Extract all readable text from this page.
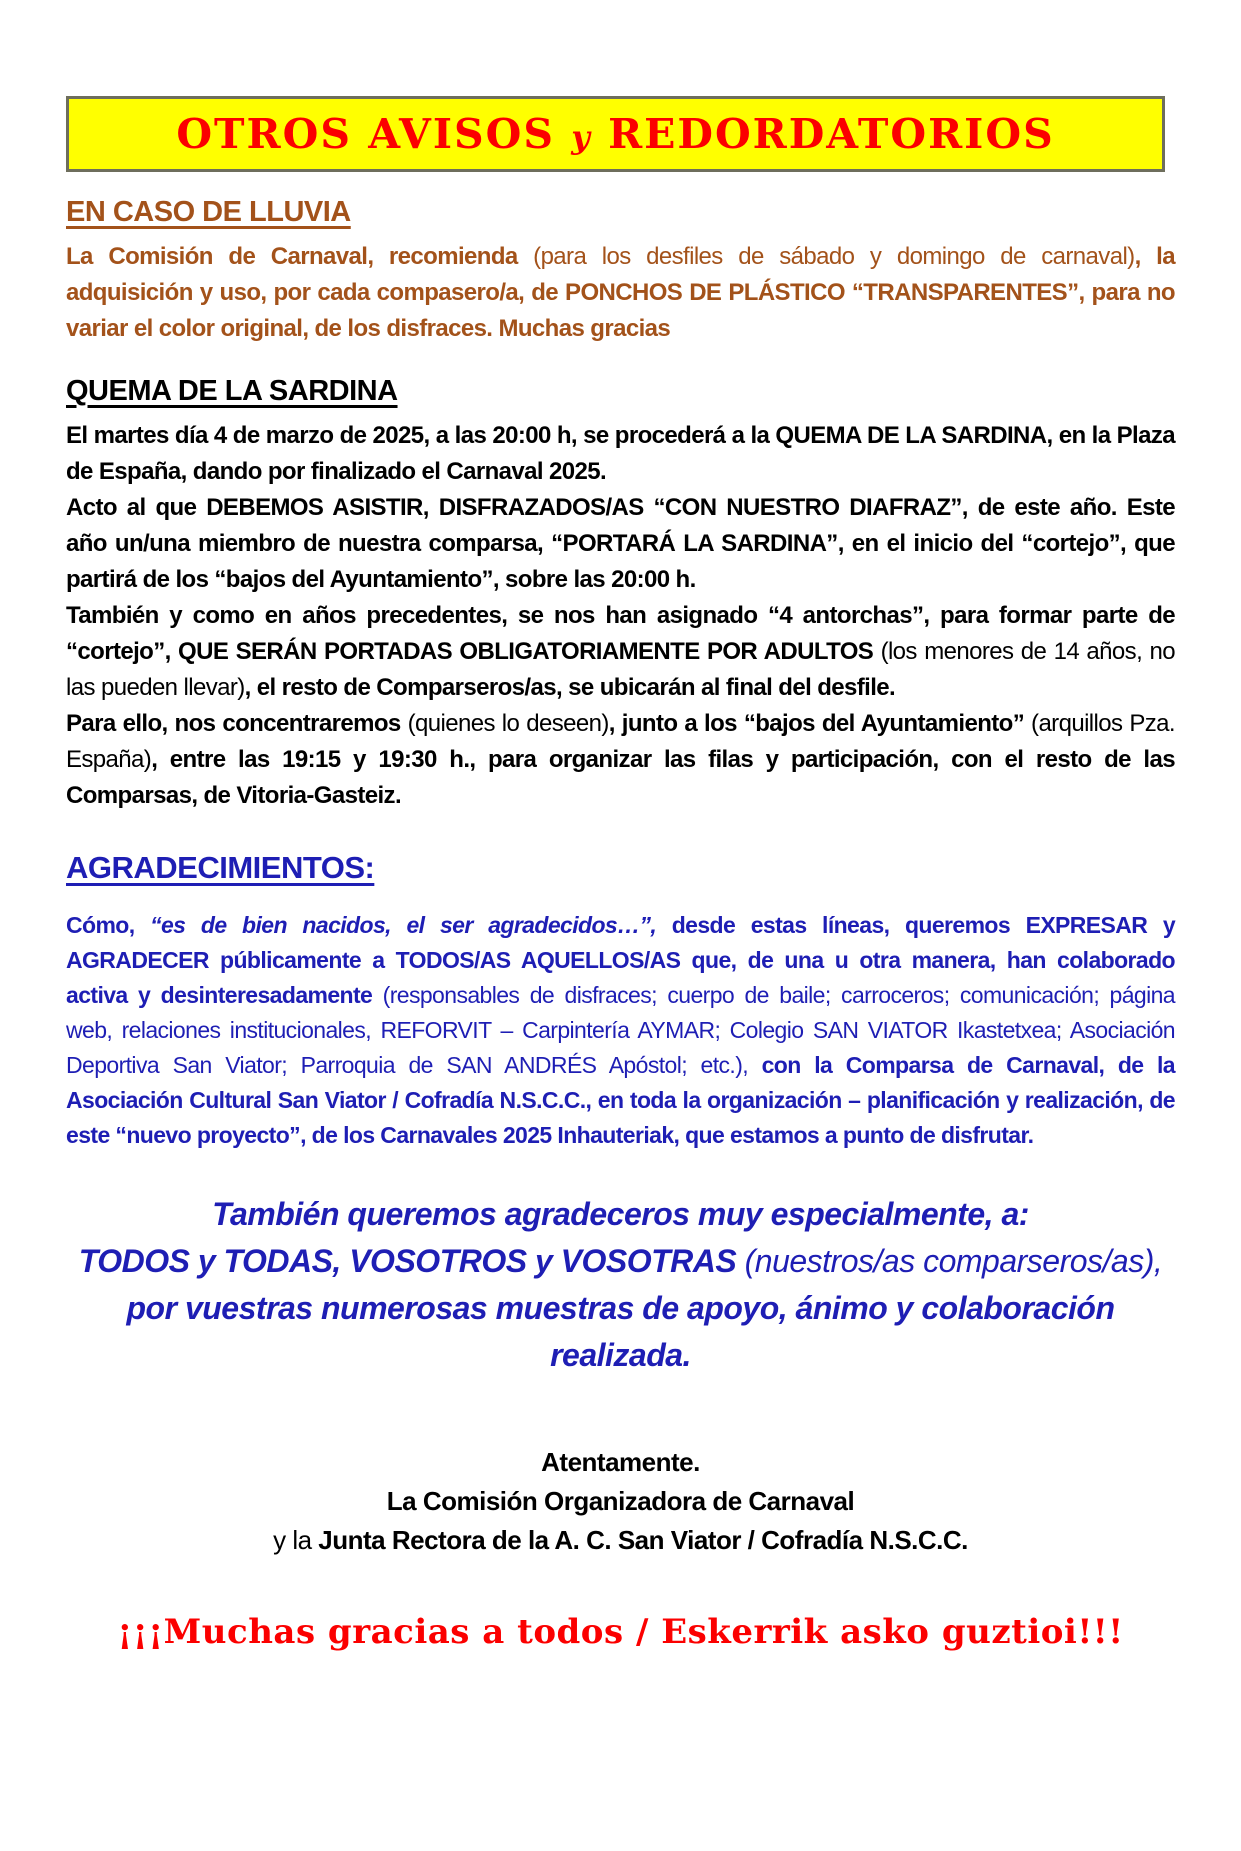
OTROS AVISOS y REDORDATORIOS
EN CASO DE LLUVIA
La Comisión de Carnaval, recomienda (para los desfiles de sábado y domingo de carnaval), la adquisición y uso, por cada compasero/a, de PONCHOS DE PLÁSTICO “TRANSPARENTES”, para no variar el color original, de los disfraces. Muchas gracias
QUEMA DE LA SARDINA
El martes día 4 de marzo de 2025, a las 20:00 h, se procederá a la QUEMA DE LA SARDINA, en la Plaza de España, dando por finalizado el Carnaval 2025.
Acto al que DEBEMOS ASISTIR, DISFRAZADOS/AS “CON NUESTRO DIAFRAZ”, de este año. Este año un/una miembro de nuestra comparsa, “PORTARÁ LA SARDINA”, en el inicio del “cortejo”, que partirá de los “bajos del Ayuntamiento”, sobre las 20:00 h.
También y como en años precedentes, se nos han asignado “4 antorchas”, para formar parte de “cortejo”, QUE SERÁN PORTADAS OBLIGATORIAMENTE POR ADULTOS (los menores de 14 años, no las pueden llevar), el resto de Comparseros/as, se ubicarán al final del desfile.
Para ello, nos concentraremos (quienes lo deseen), junto a los “bajos del Ayuntamiento” (arquillos Pza. España), entre las 19:15 y 19:30 h., para organizar las filas y participación, con el resto de las Comparsas, de Vitoria-Gasteiz.
AGRADECIMIENTOS:
Cómo, “es de bien nacidos, el ser agradecidos…”, desde estas líneas, queremos EXPRESAR y AGRADECER públicamente a TODOS/AS AQUELLOS/AS que, de una u otra manera, han colaborado activa y desinteresadamente (responsables de disfraces; cuerpo de baile; carroceros; comunicación; página web, relaciones institucionales, REFORVIT – Carpintería AYMAR; Colegio SAN VIATOR Ikastetxea; Asociación Deportiva San Viator; Parroquia de SAN ANDRÉS Apóstol; etc.), con la Comparsa de Carnaval, de la Asociación Cultural San Viator / Cofradía N.S.C.C., en toda la organización – planificación y realización, de este “nuevo proyecto”, de los Carnavales 2025 Inhauteriak, que estamos a punto de disfrutar.
También queremos agradeceros muy especialmente, a:
TODOS y TODAS, VOSOTROS y VOSOTRAS (nuestros/as comparseros/as),
por vuestras numerosas muestras de apoyo, ánimo y colaboración realizada.
Atentamente.
La Comisión Organizadora de Carnaval
y la Junta Rectora de la A. C. San Viator / Cofradía N.S.C.C.
¡¡¡Muchas gracias a todos / Eskerrik asko guztioi!!!
